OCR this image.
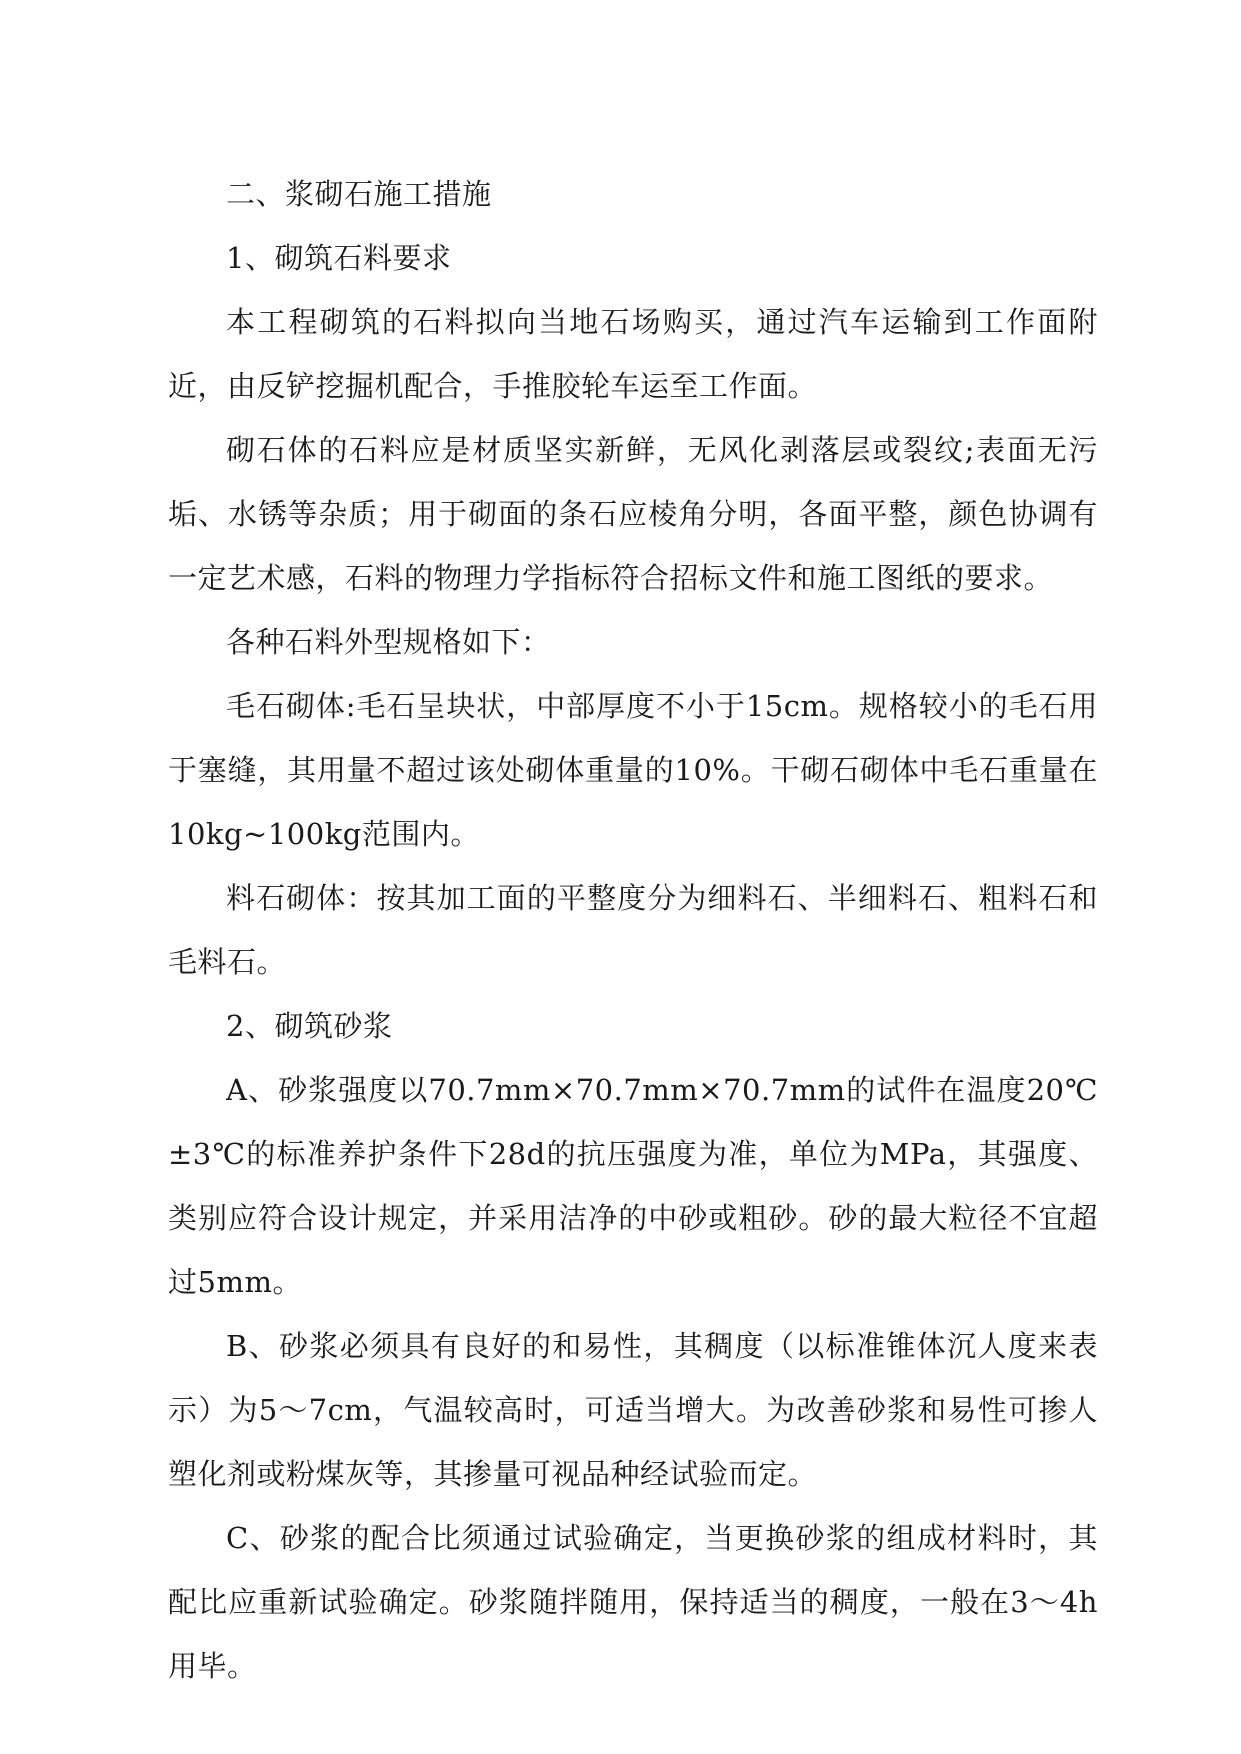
二、浆砌石施工措施

1、砌筑石料要求

本工程砌筑的石料拟向当地石场购买，通过汽车运输到工作面附近，由反铲挖掘机配合，手推胶轮车运至工作面。

砌石体的石料应是材质坚实新鲜，无风化剥落层或裂纹;表面无污垢、水锈等杂质；用于砌面的条石应棱角分明，各面平整，颜色协调有一定艺术感，石料的物理力学指标符合招标文件和施工图纸的要求。

各种石料外型规格如下：

毛石砌体:毛石呈块状，中部厚度不小于15cm。规格较小的毛石用于塞缝，其用量不超过该处砌体重量的10%。干砌石砌体中毛石重量在10kg~100kg范围内。

料石砌体：按其加工面的平整度分为细料石、半细料石、粗料石和毛料石。

2、砌筑砂浆

A、砂浆强度以70.7mm×70.7mm×70.7mm的试件在温度20℃±3℃的标准养护条件下28d的抗压强度为准，单位为MPa，其强度、类别应符合设计规定，并采用洁净的中砂或粗砂。砂的最大粒径不宜超过5mm。

B、砂浆必须具有良好的和易性，其稠度（以标准锥体沉人度来表示）为5～7cm，气温较高时，可适当增大。为改善砂浆和易性可掺人塑化剂或粉煤灰等，其掺量可视品种经试验而定。

C、砂浆的配合比须通过试验确定，当更换砂浆的组成材料时，其配比应重新试验确定。砂浆随拌随用，保持适当的稠度，一般在3～4h用毕。
